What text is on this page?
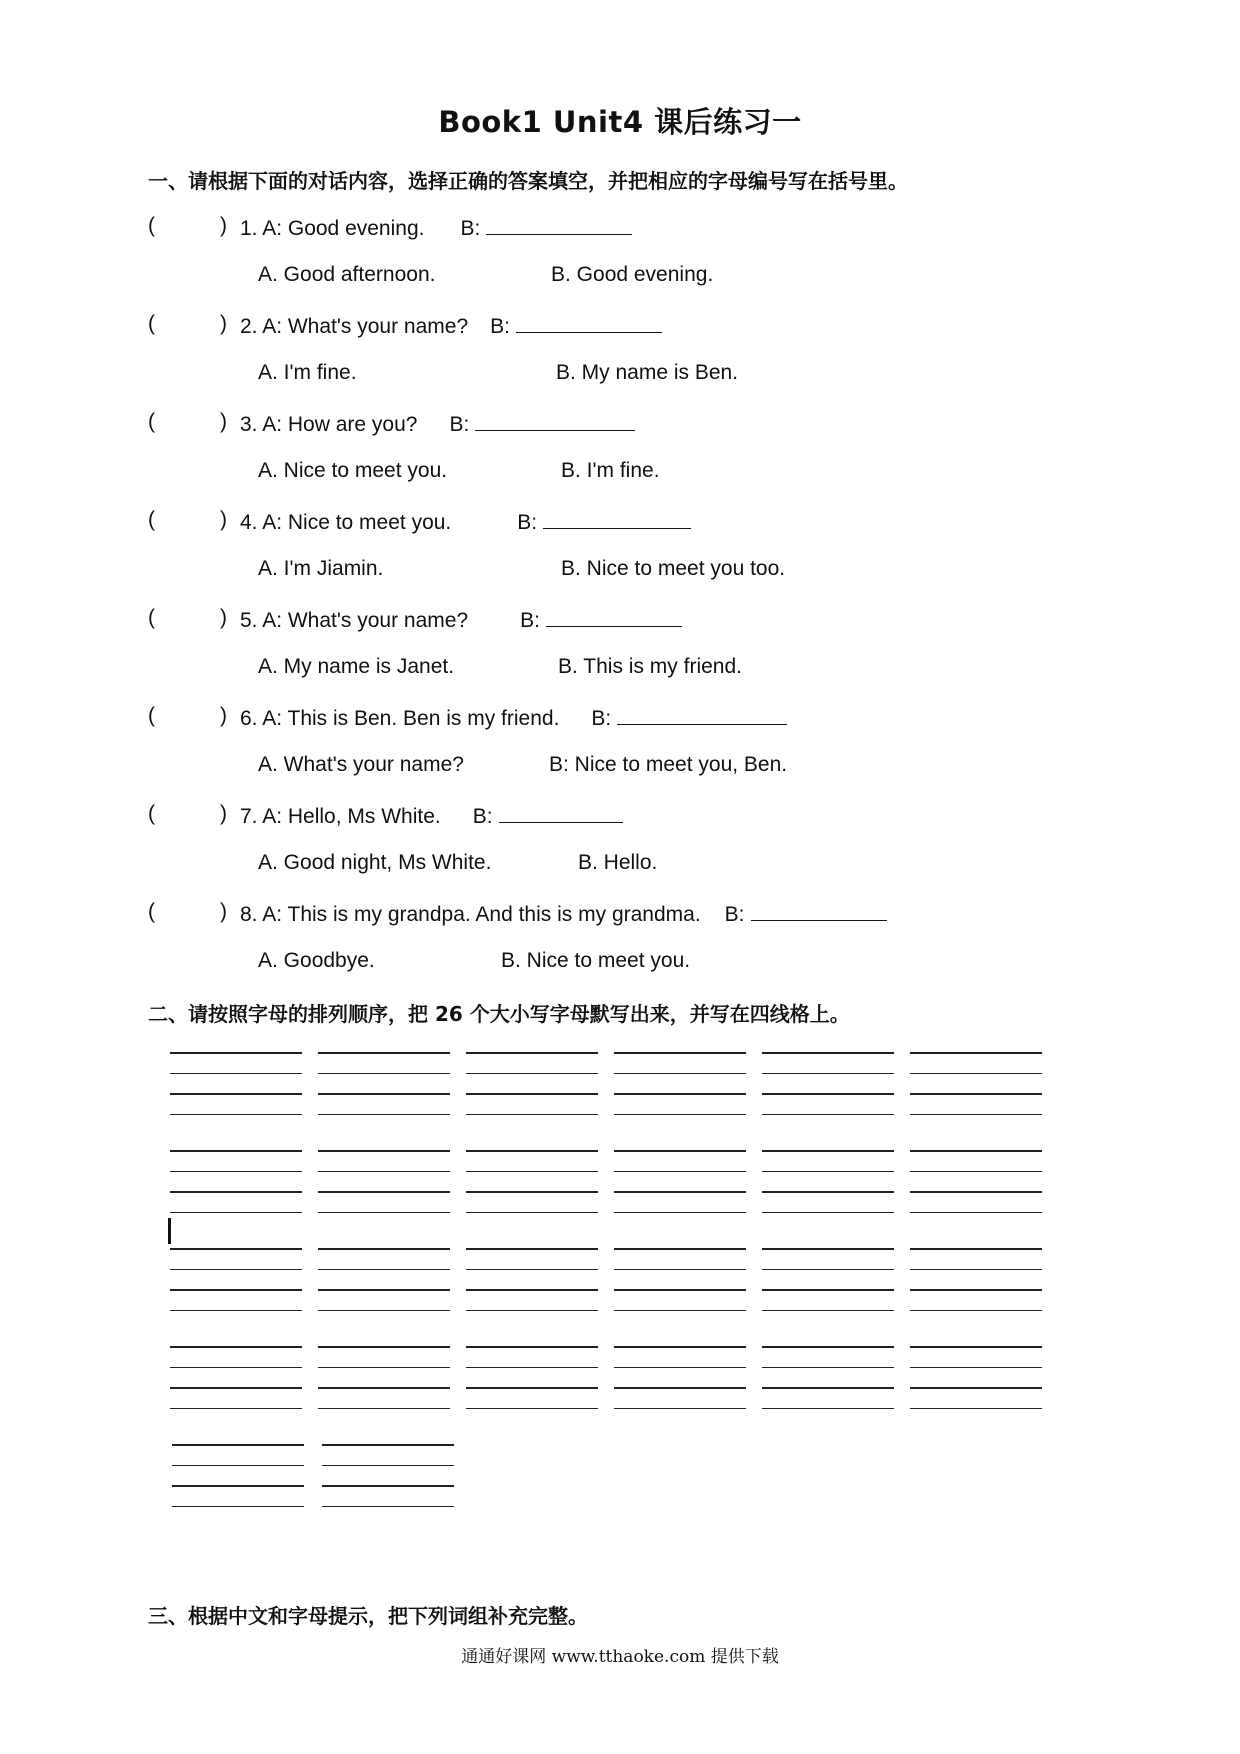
Book1 Unit4 课后练习一
一、请根据下面的对话内容，选择正确的答案填空，并把相应的字母编号写在括号里。
(	) 1. A: Good evening. B:
A. Good afternoon.	B. Good evening.
(	) 2. A: What's your name? B:
A. I'm fine.	B. My name is Ben.
(	) 3. A: How are you? B:
A. Nice to meet you.	B. I'm fine.
(	) 4. A: Nice to meet you.	B:
A. I'm Jiamin.	B. Nice to meet you too.
(	) 5. A: What's your name? B:
A. My name is Janet.	B. This is my friend.
(	) 6. A: This is Ben. Ben is my friend. B:
A. What's your name?	B: Nice to meet you, Ben.
(	) 7. A: Hello, Ms White. B:
A. Good night, Ms White.	B. Hello.
(	) 8. A: This is my grandpa. And this is my grandma. B:
A. Goodbye.	B. Nice to meet you.
二、请按照字母的排列顺序，把 26 个大小写字母默写出来，并写在四线格上。
三、根据中文和字母提示，把下列词组补充完整。
通通好课网 www.tthaoke.com 提供下载
